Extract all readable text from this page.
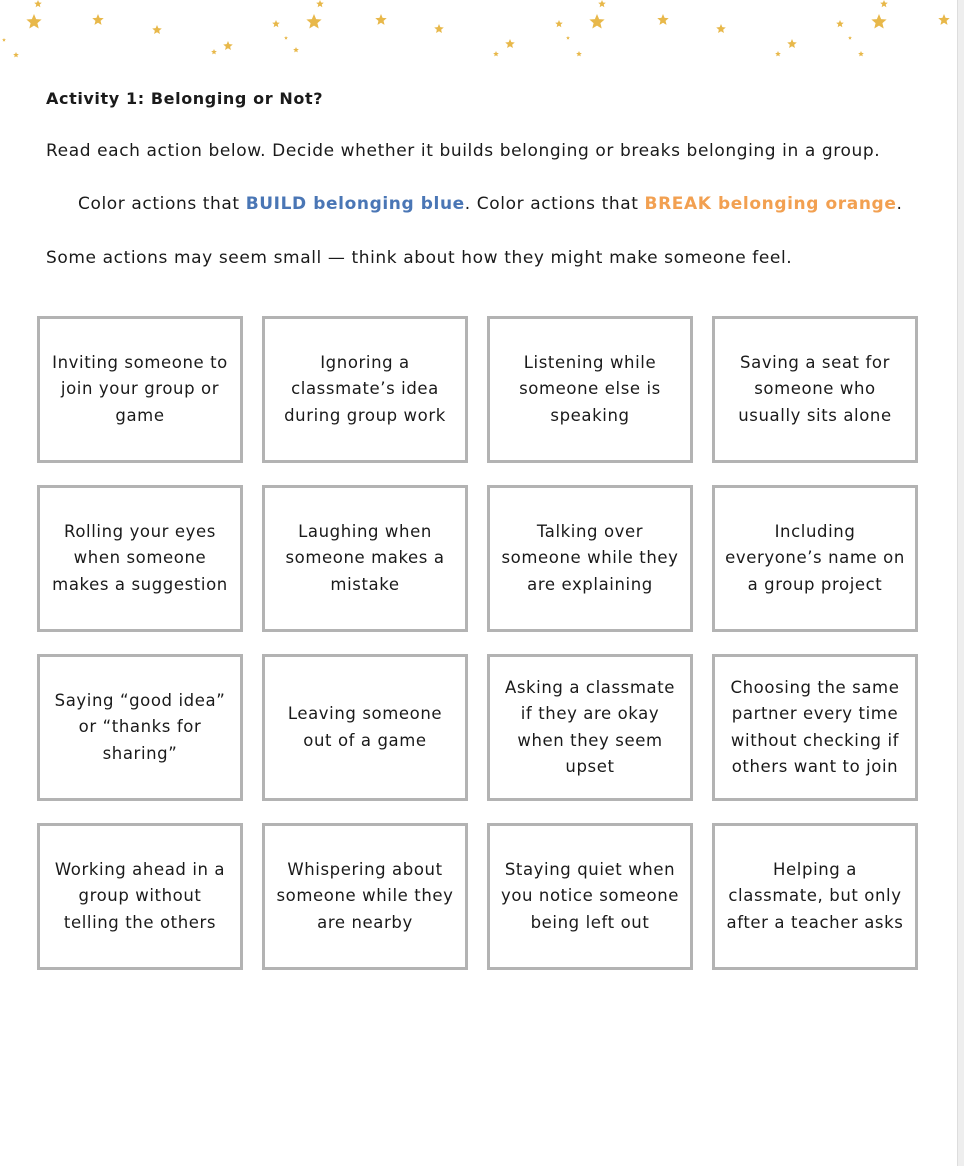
Activity 1: Belonging or Not?
Read each action below. Decide whether it builds belonging or breaks belonging in a group.
Color actions that BUILD belonging blue. Color actions that BREAK belonging orange.
Some actions may seem small — think about how they might make someone feel.
Inviting someone to join your group or game
Ignoring a classmate’s idea during group work
Listening while someone else is speaking
Saving a seat for someone who usually sits alone
Rolling your eyes when someone makes a suggestion
Laughing when someone makes a mistake
Talking over someone while they are explaining
Including everyone’s name on a group project
Saying “good idea” or “thanks for sharing”
Leaving someone out of a game
Asking a classmate if they are okay when they seem upset
Choosing the same partner every time without checking if others want to join
Working ahead in a group without telling the others
Whispering about someone while they are nearby
Staying quiet when you notice someone being left out
Helping a classmate, but only after a teacher asks
